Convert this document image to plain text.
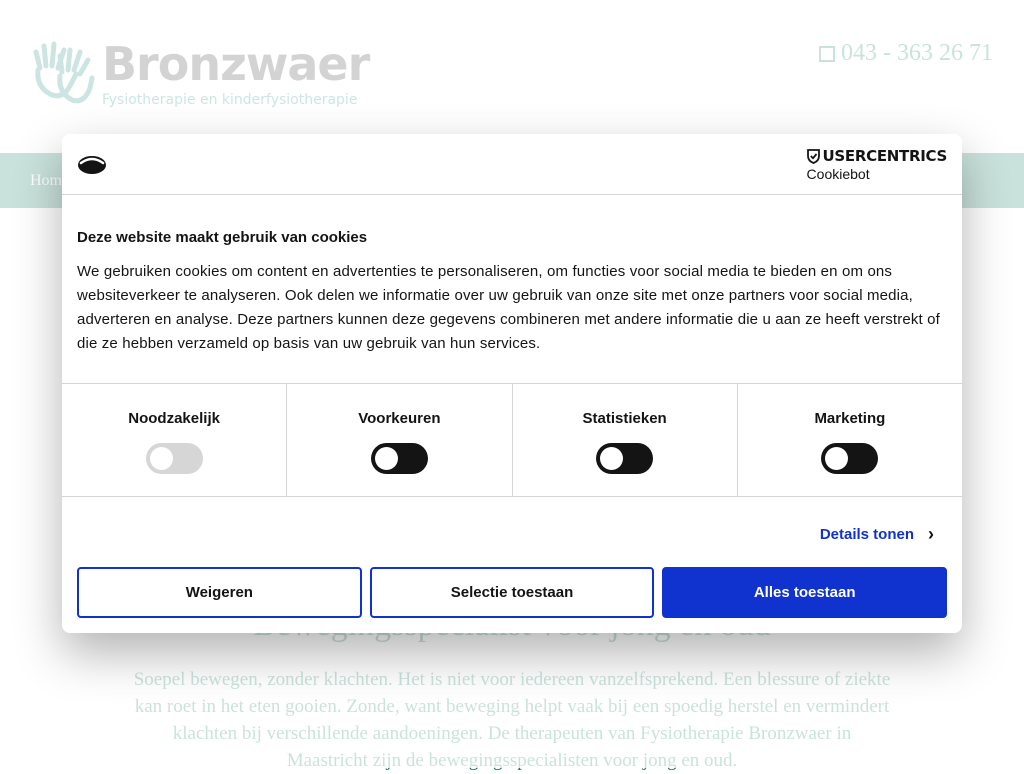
USERCENTRICS
Cookiebot
Deze website maakt gebruik van cookies

We gebruiken cookies om content en advertenties te personaliseren, om functies voor social media te bieden en om ons websiteverkeer te analyseren. Ook delen we informatie over uw gebruik van onze site met onze partners voor social media, adverteren en analyse. Deze partners kunnen deze gegevens combineren met andere informatie die u aan ze heeft verstrekt of die ze hebben verzameld op basis van uw gebruik van hun services.

Noodzakelijk	Voorkeuren	Statistieken	Marketing
Details tonen ›
Weigeren	Selectie toestaan	Alles toestaan
